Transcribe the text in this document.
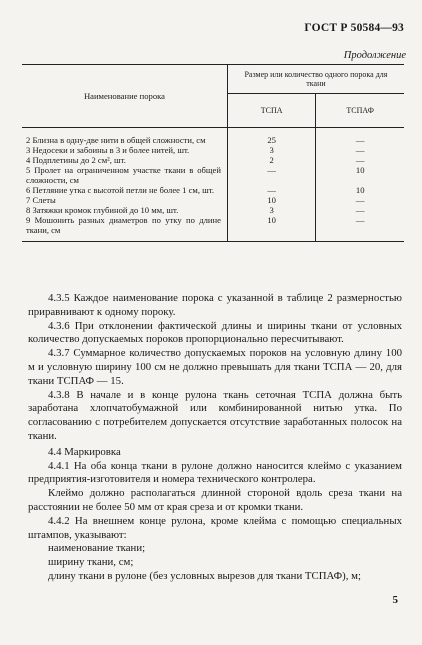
ГОСТ Р 50584—93
Продолжение
Наименование порока	Размер или количество одного порока для ткани	
	ТСПА	ТСПАФ
2 Близна в одну-две нити в общей сложности, см	25	—
3 Недосеки и забоины в 3 и более нитей, шт.	3	—
4 Подплетины до 2 см², шт.	2	—
5 Пролет на ограниченном участке ткани в общей сложности, см	—	10
6 Петляние утка с высотой петли не более 1 см, шт.	—	10
7 Слеты	10	—
8 Затяжки кромок глубиной до 10 мм, шт.	3	—
9 Мошонить разных диаметров по утку по длине ткани, см	10	—

4.3.5 Каждое наименование порока с указанной в таблице 2 размерностью приравнивают к одному пороку.

4.3.6 При отклонении фактической длины и ширины ткани от условных количество допускаемых пороков пропорционально пересчитывают.

4.3.7 Суммарное количество допускаемых пороков на условную длину 100 м и условную ширину 100 см не должно превышать для ткани ТСПА — 20, для ткани ТСПАФ — 15.

4.3.8 В начале и в конце рулона ткань сеточная ТСПА должна быть заработана хлопчатобумажной или комбинированной нитью утка. По согласованию с потребителем допускается отсутствие заработанных полосок на ткани.

4.4 Маркировка

4.4.1 На оба конца ткани в рулоне должно наносится клеймо с указанием предприятия-изготовителя и номера технического контролера.

Клеймо должно располагаться длинной стороной вдоль среза ткани на расстоянии не более 50 мм от края среза и от кромки ткани.

4.4.2 На внешнем конце рулона, кроме клейма с помощью специальных штампов, указывают:

наименование ткани;

ширину ткани, см;

длину ткани в рулоне (без условных вырезов для ткани ТСПАФ), м;

5
